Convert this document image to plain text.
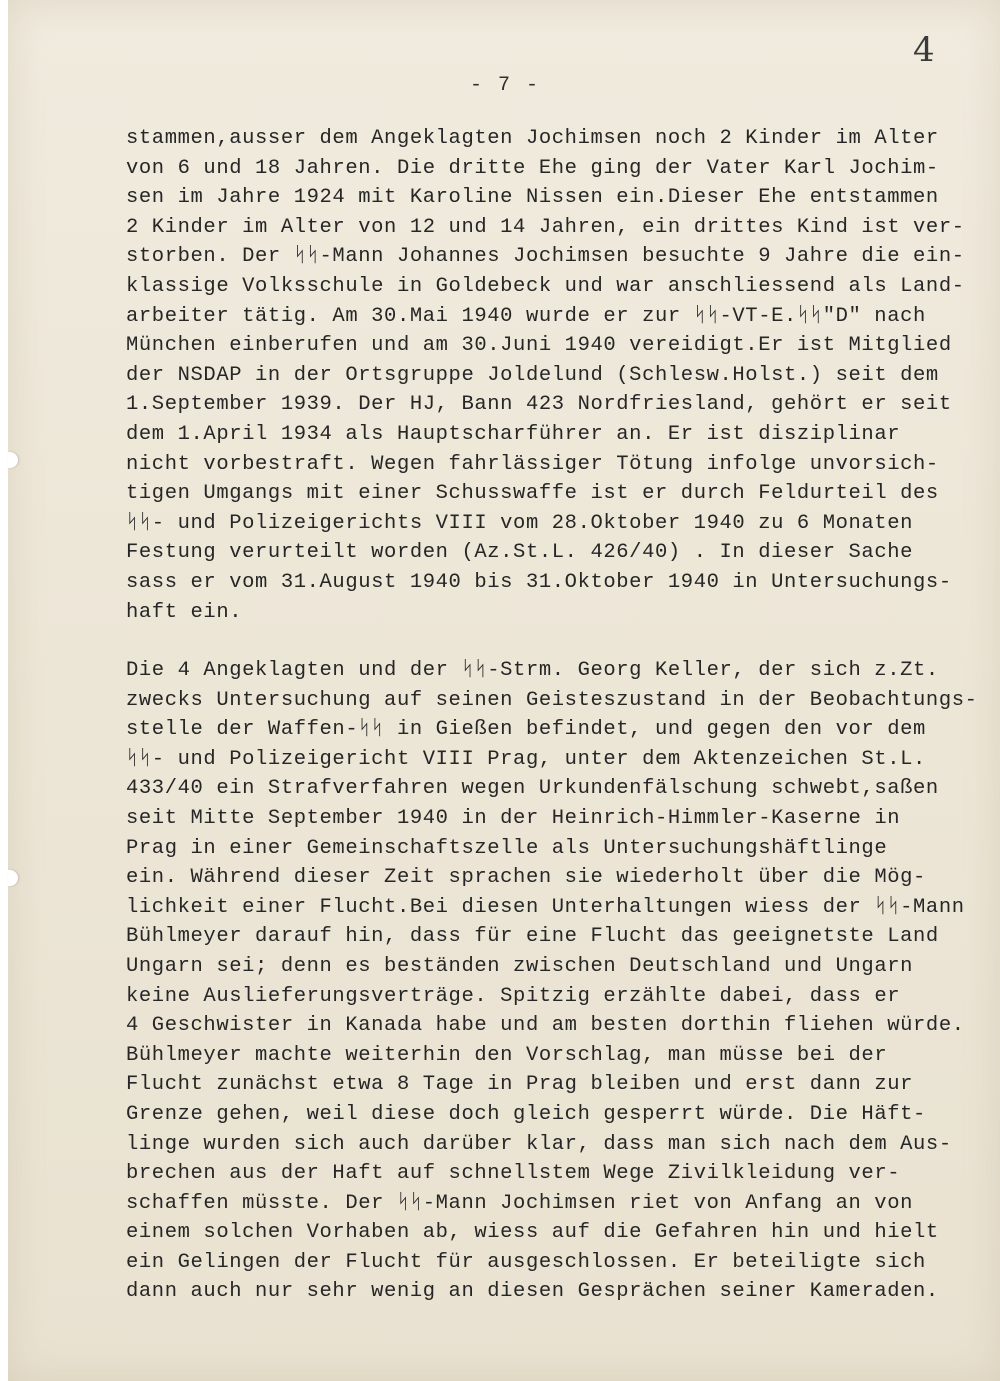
4
- 7 -

stammen,ausser dem Angeklagten Jochimsen noch 2 Kinder im Alter
von 6 und 18 Jahren. Die dritte Ehe ging der Vater Karl Jochim-
sen im Jahre 1924 mit Karoline Nissen ein.Dieser Ehe entstammen
2 Kinder im Alter von 12 und 14 Jahren, ein drittes Kind ist ver-
storben. Der ᛋᛋ-Mann Johannes Jochimsen besuchte 9 Jahre die ein-
klassige Volksschule in Goldebeck und war anschliessend als Land-
arbeiter tätig. Am 30.Mai 1940 wurde er zur ᛋᛋ-VT-E.ᛋᛋ"D" nach
München einberufen und am 30.Juni 1940 vereidigt.Er ist Mitglied
der NSDAP in der Ortsgruppe Joldelund (Schlesw.Holst.) seit dem
1.September 1939. Der HJ, Bann 423 Nordfriesland, gehört er seit
dem 1.April 1934 als Hauptscharführer an. Er ist disziplinar
nicht vorbestraft. Wegen fahrlässiger Tötung infolge unvorsich-
tigen Umgangs mit einer Schusswaffe ist er durch Feldurteil des
ᛋᛋ- und Polizeigerichts VIII vom 28.Oktober 1940 zu 6 Monaten
Festung verurteilt worden (Az.St.L. 426/40) . In dieser Sache
sass er vom 31.August 1940 bis 31.Oktober 1940 in Untersuchungs-
haft ein.

Die 4 Angeklagten und der ᛋᛋ-Strm. Georg Keller, der sich z.Zt.
zwecks Untersuchung auf seinen Geisteszustand in der Beobachtungs-
stelle der Waffen-ᛋᛋ in Gießen befindet, und gegen den vor dem
ᛋᛋ- und Polizeigericht VIII Prag, unter dem Aktenzeichen St.L.
433/40 ein Strafverfahren wegen Urkundenfälschung schwebt,saßen
seit Mitte September 1940 in der Heinrich-Himmler-Kaserne in
Prag in einer Gemeinschaftszelle als Untersuchungshäftlinge
ein. Während dieser Zeit sprachen sie wiederholt über die Mög-
lichkeit einer Flucht.Bei diesen Unterhaltungen wiess der ᛋᛋ-Mann
Bühlmeyer darauf hin, dass für eine Flucht das geeignetste Land
Ungarn sei; denn es beständen zwischen Deutschland und Ungarn
keine Auslieferungsverträge. Spitzig erzählte dabei, dass er
4 Geschwister in Kanada habe und am besten dorthin fliehen würde.
Bühlmeyer machte weiterhin den Vorschlag, man müsse bei der
Flucht zunächst etwa 8 Tage in Prag bleiben und erst dann zur
Grenze gehen, weil diese doch gleich gesperrt würde. Die Häft-
linge wurden sich auch darüber klar, dass man sich nach dem Aus-
brechen aus der Haft auf schnellstem Wege Zivilkleidung ver-
schaffen müsste. Der ᛋᛋ-Mann Jochimsen riet von Anfang an von
einem solchen Vorhaben ab, wiess auf die Gefahren hin und hielt
ein Gelingen der Flucht für ausgeschlossen. Er beteiligte sich
dann auch nur sehr wenig an diesen Gesprächen seiner Kameraden.
